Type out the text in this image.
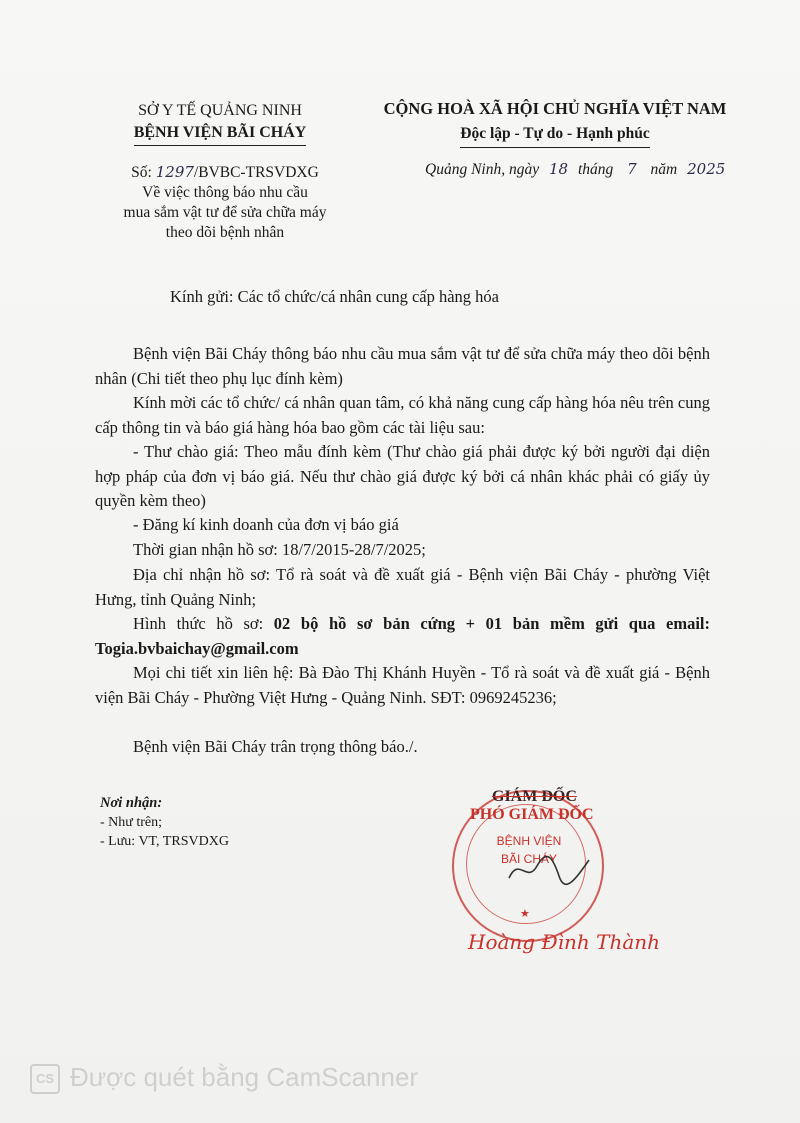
SỞ Y TẾ QUẢNG NINH
BỆNH VIỆN BÃI CHÁY
CỘNG HOÀ XÃ HỘI CHỦ NGHĨA VIỆT NAM
Độc lập - Tự do - Hạnh phúc
Số: 1297/BVBC-TRSVDXG
Về việc thông báo nhu cầu
mua sắm vật tư để sửa chữa máy
theo dõi bệnh nhân
Quảng Ninh, ngày 18 tháng 7 năm 2025
Kính gửi: Các tổ chức/cá nhân cung cấp hàng hóa
Bệnh viện Bãi Cháy thông báo nhu cầu mua sắm vật tư để sửa chữa máy theo dõi bệnh nhân (Chi tiết theo phụ lục đính kèm)
Kính mời các tổ chức/ cá nhân quan tâm, có khả năng cung cấp hàng hóa nêu trên cung cấp thông tin và báo giá hàng hóa bao gồm các tài liệu sau:
- Thư chào giá: Theo mẫu đính kèm (Thư chào giá phải được ký bởi người đại diện hợp pháp của đơn vị báo giá. Nếu thư chào giá được ký bởi cá nhân khác phải có giấy ủy quyền kèm theo)
- Đăng kí kinh doanh của đơn vị báo giá
Thời gian nhận hồ sơ: 18/7/2015-28/7/2025;
Địa chỉ nhận hồ sơ: Tổ rà soát và đề xuất giá - Bệnh viện Bãi Cháy - phường Việt Hưng, tỉnh Quảng Ninh;
Hình thức hồ sơ: 02 bộ hồ sơ bản cứng + 01 bản mềm gửi qua email: Togia.bvbaichay@gmail.com
Mọi chi tiết xin liên hệ: Bà Đào Thị Khánh Huyền - Tổ rà soát và đề xuất giá - Bệnh viện Bãi Cháy - Phường Việt Hưng - Quảng Ninh. SĐT: 0969245236;
Bệnh viện Bãi Cháy trân trọng thông báo./.
Nơi nhận:
- Như trên;
- Lưu: VT, TRSVDXG	BỆNH VIỆN
BÃI CHÁY
★
GIÁM ĐỐC
PHÓ GIÁM ĐỐC
Hoàng Đình Thành
CS Được quét bằng CamScanner
